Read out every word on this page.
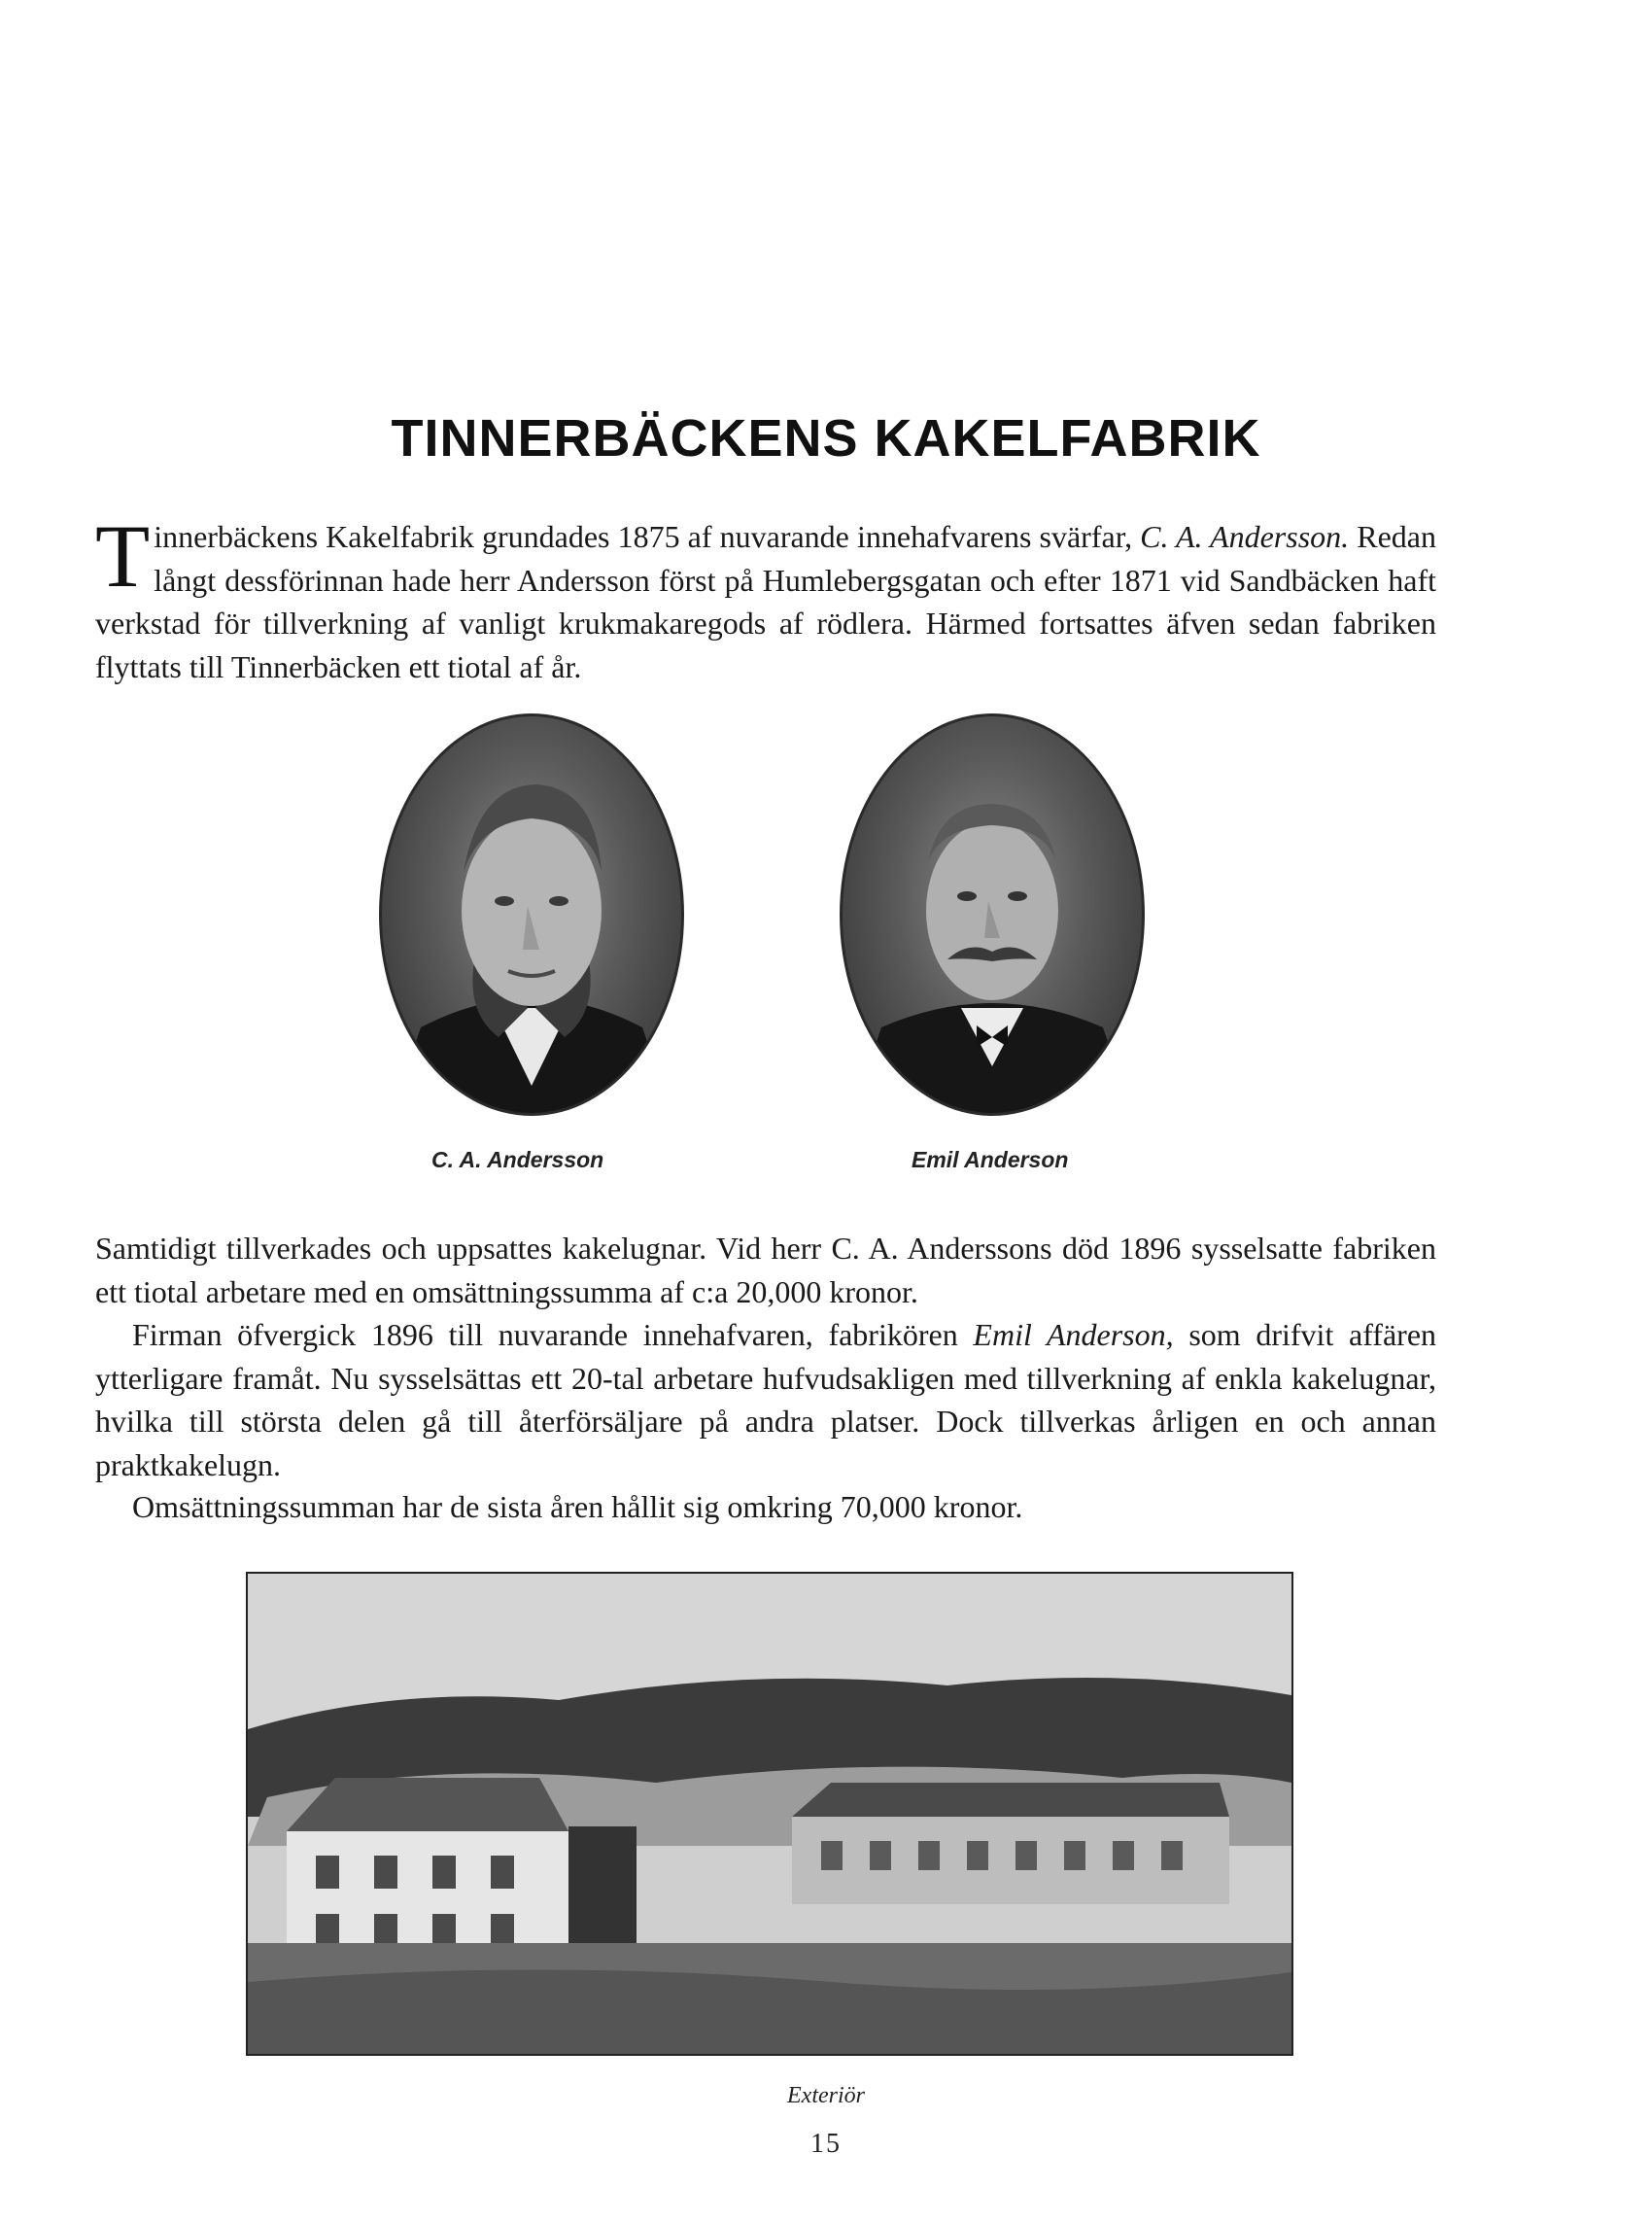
TINNERBÄCKENS KAKELFABRIK

Tinnerbäckens Kakelfabrik grundades 1875 af nuvarande innehafvarens svärfar, C. A. Andersson. Redan långt dessförinnan hade herr Andersson först på Humlebergsgatan och efter 1871 vid Sandbäcken haft verkstad för tillverkning af vanligt krukmakaregods af rödlera. Härmed fortsattes äfven sedan fabriken flyttats till Tinnerbäcken ett tiotal af år.

C. A. Andersson	Emil Anderson

Samtidigt tillverkades och uppsattes kakelugnar. Vid herr C. A. Anderssons död 1896 sysselsatte fabriken ett tiotal arbetare med en omsättningssumma af c:a 20,000 kronor.

Firman öfvergick 1896 till nuvarande innehafvaren, fabrikören Emil Anderson, som drifvit affären ytterligare framåt. Nu sysselsättas ett 20-tal arbetare hufvudsakligen med tillverkning af enkla kakelugnar, hvilka till största delen gå till återförsäljare på andra platser. Dock tillverkas årligen en och annan praktkakelugn.

Omsättningssumman har de sista åren hållit sig omkring 70,000 kronor.

Exteriör

15
